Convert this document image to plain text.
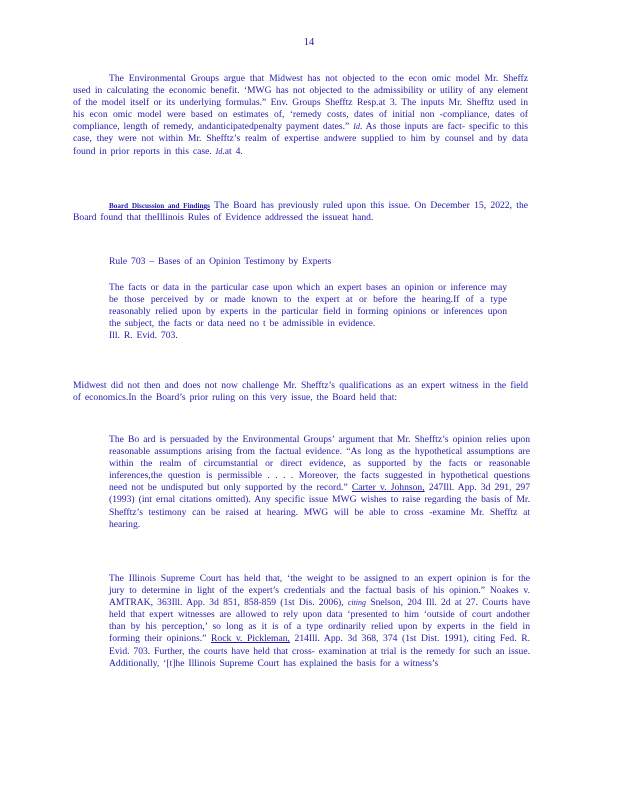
14

The Environmental Groups argue that Midwest has not objected to the econ omic model Mr. Sheffz used in calculating the economic benefit. ‘MWG has not objected to the admissibility or utility of any element of the model itself or its underlying formulas.” Env. Groups Shefftz Resp.at 3. The inputs Mr. Shefftz used in his econ omic model were based on estimates of, ‘remedy costs, dates of initial non -compliance, dates of compliance, length of remedy, andanticipatedpenalty payment dates.” Id. As those inputs are fact- specific to this case, they were not within Mr. Shefftz’s realm of expertise andwere supplied to him by counsel and by data found in prior reports in this case. Id.at 4.

Board Discussion and Findings The Board has previously ruled upon this issue. On December 15, 2022, the Board found that theIllinois Rules of Evidence addressed the issueat hand.

Rule 703 – Bases of an Opinion Testimony by Experts

The facts or data in the particular case upon which an expert bases an opinion or inference may be those perceived by or made known to the expert at or before the hearing.If of a type reasonably relied upon by experts in the particular field in forming opinions or inferences upon the subject, the facts or data need no t be admissible in evidence.

Ill. R. Evid. 703.

Midwest did not then and does not now challenge Mr. Shefftz’s qualifications as an expert witness in the field of economics.In the Board’s prior ruling on this very issue, the Board held that:

The Bo ard is persuaded by the Environmental Groups’ argument that Mr. Shefftz’s opinion relies upon reasonable assumptions arising from the factual evidence. “As long as the hypothetical assumptions are within the realm of circumstantial or direct evidence, as supported by the facts or reasonable inferences,the question is permissible . . . . Moreover, the facts suggested in hypothetical questions need not be undisputed but only supported by the record.” Carter v. Johnson, 247Ill. App. 3d 291, 297 (1993) (int ernal citations omitted). Any specific issue MWG wishes to raise regarding the basis of Mr. Shefftz’s testimony can be raised at hearing. MWG will be able to cross -examine Mr. Shefftz at hearing.

The Illinois Supreme Court has held that, ‘the weight to be assigned to an expert opinion is for the jury to determine in light of the expert’s credentials and the factual basis of his opinion.” Noakes v. AMTRAK, 363Ill. App. 3d 851, 858-859 (1st Dis. 2006), citing Snelson, 204 Ill. 2d at 27. Courts have held that expert witnesses are allowed to rely upon data ‘presented to him ‘outside of court andother than by his perception,’ so long as it is of a type ordinarily relied upon by experts in the field in forming their opinions.” Rock v. Pickleman, 214Ill. App. 3d 368, 374 (1st Dist. 1991), citing Fed. R. Evid. 703. Further, the courts have held that cross- examination at trial is the remedy for such an issue. Additionally, ‘[t]he Illinois Supreme Court has explained the basis for a witness’s
